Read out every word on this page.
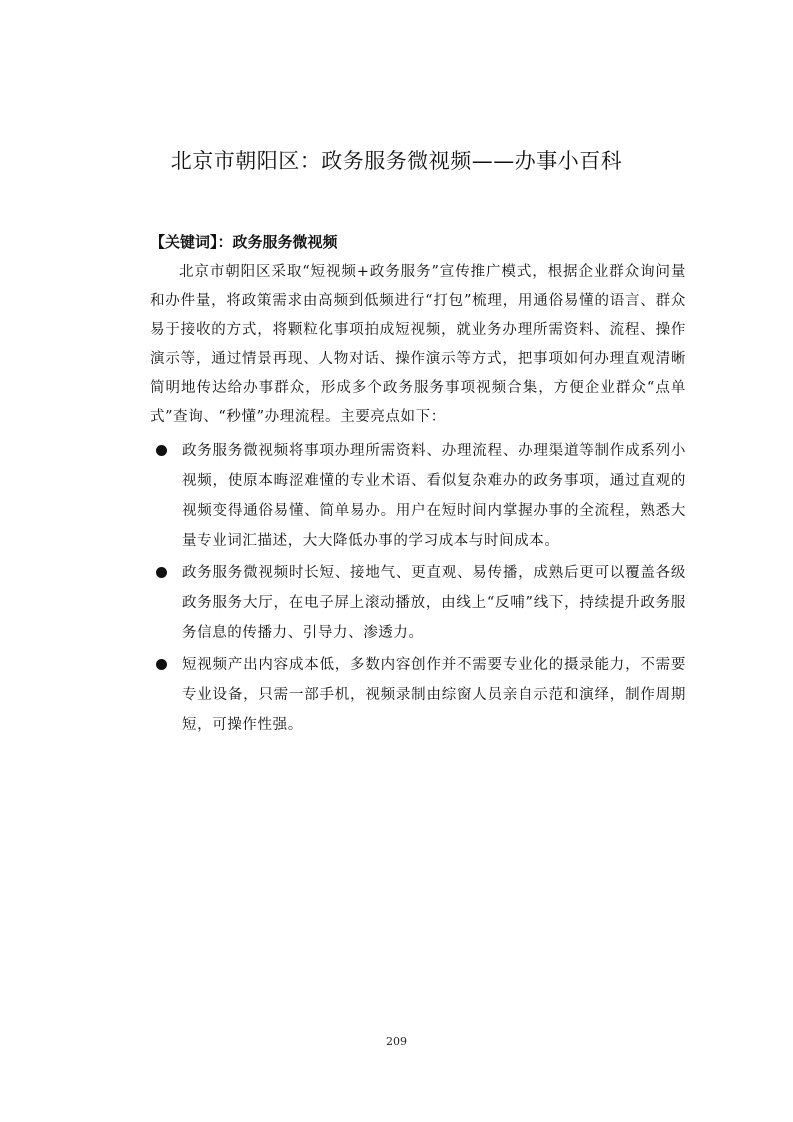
北京市朝阳区：政务服务微视频——办事小百科

【关键词】：政务服务微视频

北京市朝阳区采取“短视频+政务服务”宣传推广模式，根据企业群众询问量和办件量，将政策需求由高频到低频进行“打包”梳理，用通俗易懂的语言、群众易于接收的方式，将颗粒化事项拍成短视频，就业务办理所需资料、流程、操作演示等，通过情景再现、人物对话、操作演示等方式，把事项如何办理直观清晰简明地传达给办事群众，形成多个政务服务事项视频合集，方便企业群众“点单式”查询、“秒懂”办理流程。主要亮点如下：

政务服务微视频将事项办理所需资料、办理流程、办理渠道等制作成系列小视频，使原本晦涩难懂的专业术语、看似复杂难办的政务事项，通过直观的视频变得通俗易懂、简单易办。用户在短时间内掌握办事的全流程，熟悉大量专业词汇描述，大大降低办事的学习成本与时间成本。
政务服务微视频时长短、接地气、更直观、易传播，成熟后更可以覆盖各级政务服务大厅，在电子屏上滚动播放，由线上“反哺”线下，持续提升政务服务信息的传播力、引导力、渗透力。
短视频产出内容成本低，多数内容创作并不需要专业化的摄录能力，不需要专业设备，只需一部手机，视频录制由综窗人员亲自示范和演绎，制作周期短，可操作性强。
209
